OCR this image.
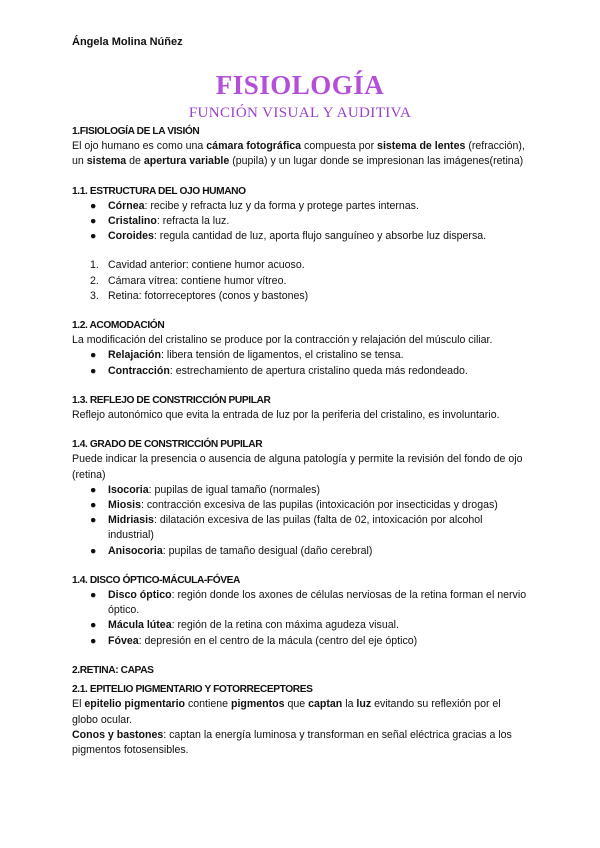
Ángela Molina Núñez
FISIOLOGÍA
FUNCIÓN VISUAL Y AUDITIVA
1.FISIOLOGÍA DE LA VISIÓN

El ojo humano es como una cámara fotográfica compuesta por sistema de lentes (refracción), un sistema de apertura variable (pupila) y un lugar donde se impresionan las imágenes(retina)

1.1. ESTRUCTURA DEL OJO HUMANO
● Córnea: recibe y refracta luz y da forma y protege partes internas.
● Cristalino: refracta la luz.
● Coroides: regula cantidad de luz, aporta flujo sanguíneo y absorbe luz dispersa.
1. Cavidad anterior: contiene humor acuoso.
2. Cámara vítrea: contiene humor vítreo.
3. Retina: fotorreceptores (conos y bastones)
1.2. ACOMODACIÓN

La modificación del cristalino se produce por la contracción y relajación del músculo ciliar.

● Relajación: libera tensión de ligamentos, el cristalino se tensa.
● Contracción: estrechamiento de apertura cristalino queda más redondeado.
1.3. REFLEJO DE CONSTRICCIÓN PUPILAR

Reflejo autonómico que evita la entrada de luz por la periferia del cristalino, es involuntario.

1.4. GRADO DE CONSTRICCIÓN PUPILAR

Puede indicar la presencia o ausencia de alguna patología y permite la revisión del fondo de ojo (retina)

● Isocoria: pupilas de igual tamaño (normales)
● Miosis: contracción excesiva de las pupilas (intoxicación por insecticidas y drogas)
● Midriasis: dilatación excesiva de las puilas (falta de 02, intoxicación por alcohol industrial)
● Anisocoria: pupilas de tamaño desigual (daño cerebral)
1.4. DISCO ÓPTICO-MÁCULA-FÓVEA
● Disco óptico: región donde los axones de células nerviosas de la retina forman el nervio óptico.
● Mácula lútea: región de la retina con máxima agudeza visual.
● Fóvea: depresión en el centro de la mácula (centro del eje óptico)
2.RETINA: CAPAS
2.1. EPITELIO PIGMENTARIO Y FOTORRECEPTORES

El epitelio pigmentario contiene pigmentos que captan la luz evitando su reflexión por el globo ocular.

Conos y bastones: captan la energía luminosa y transforman en señal eléctrica gracias a los pigmentos fotosensibles.
